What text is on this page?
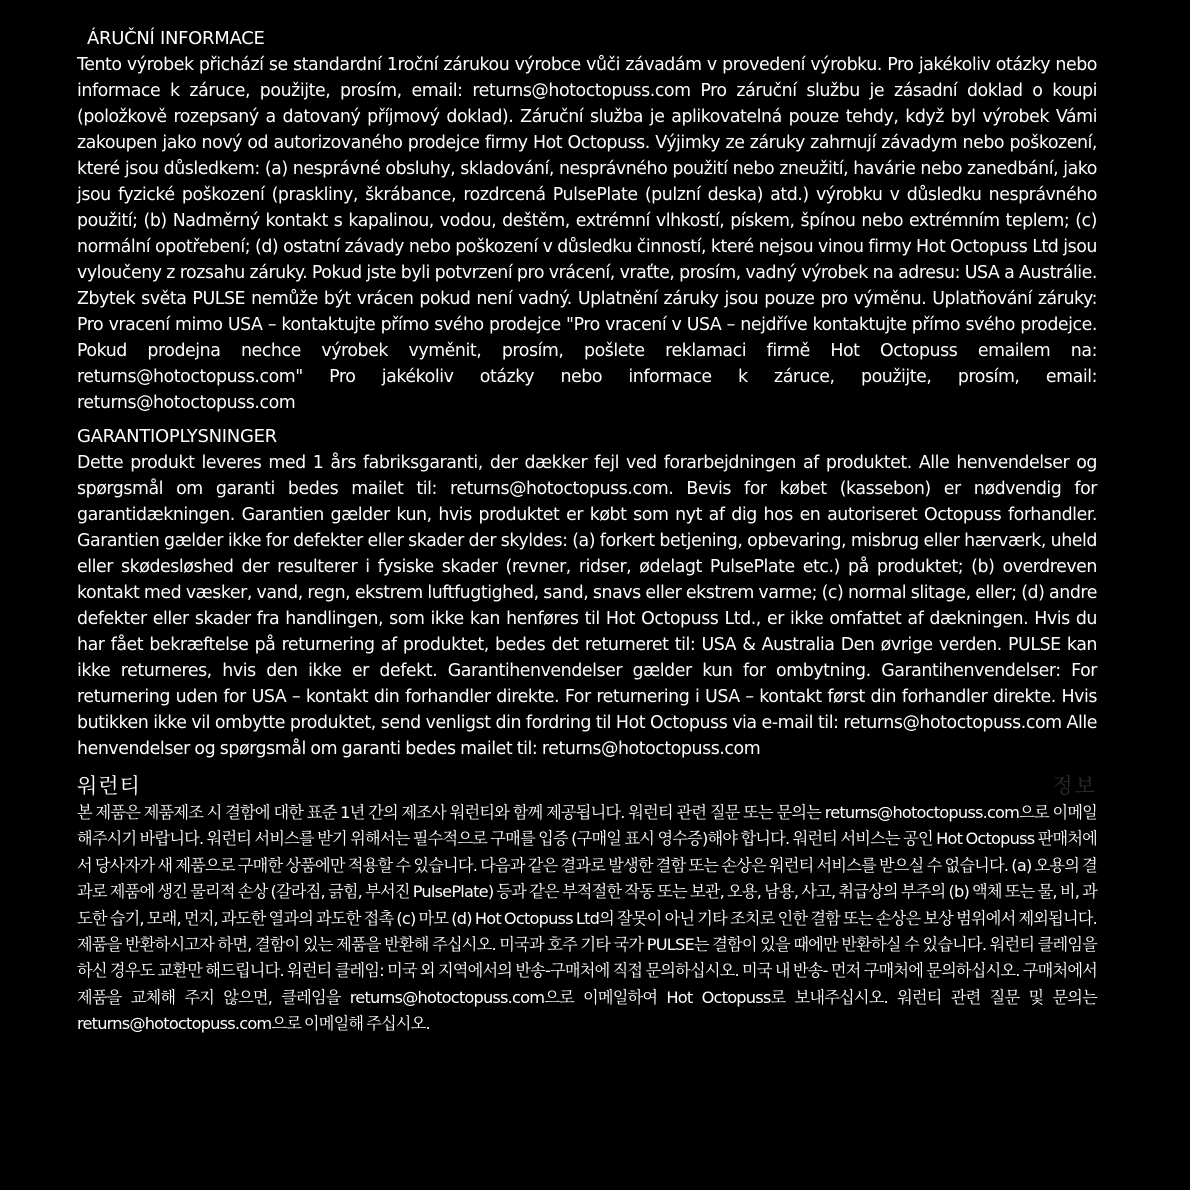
ÁRUČNÍ INFORMACE

Tento výrobek přichází se standardní 1roční zárukou výrobce vůči závadám v provedení výrobku. Pro jakékoliv otázky nebo informace k záruce, použijte, prosím, email: returns@hotoctopuss.com Pro záruční službu je zásadní doklad o koupi (položkově rozepsaný a datovaný příjmový doklad). Záruční služba je aplikovatelná pouze tehdy, když byl výrobek Vámi zakoupen jako nový od autorizovaného prodejce firmy Hot Octopuss. Výjimky ze záruky zahrnují závadym nebo poškození, které jsou důsledkem: (a) nesprávné obsluhy, skladování, nesprávného použití nebo zneužití, havárie nebo zanedbání, jako jsou fyzické poškození (praskliny, škrábance, rozdrcená PulsePlate (pulzní deska) atd.) výrobku v důsledku nesprávného použití; (b) Nadměrný kontakt s kapalinou, vodou, deštěm, extrémní vlhkostí, pískem, špínou nebo extrémním teplem; (c) normální opotřebení; (d) ostatní závady nebo poškození v důsledku činností, které nejsou vinou firmy Hot Octopuss Ltd jsou vyloučeny z rozsahu záruky. Pokud jste byli potvrzení pro vrácení, vraťte, prosím, vadný výrobek na adresu: USA a Austrálie. Zbytek světa PULSE nemůže být vrácen pokud není vadný. Uplatnění záruky jsou pouze pro výměnu. Uplatňování záruky: Pro vracení mimo USA – kontaktujte přímo svého prodejce "Pro vracení v USA – nejdříve kontaktujte přímo svého prodejce. Pokud prodejna nechce výrobek vyměnit, prosím, pošlete reklamaci firmě Hot Octopuss emailem na: returns@hotoctopuss.com" Pro jakékoliv otázky nebo informace k záruce, použijte, prosím, email: returns@hotoctopuss.com

GARANTIOPLYSNINGER

Dette produkt leveres med 1 års fabriksgaranti, der dækker fejl ved forarbejdningen af produktet. Alle henvendelser og spørgsmål om garanti bedes mailet til: returns@hotoctopuss.com. Bevis for købet (kassebon) er nødvendig for garantidækningen. Garantien gælder kun, hvis produktet er købt som nyt af dig hos en autoriseret Octopuss forhandler. Garantien gælder ikke for defekter eller skader der skyldes: (a) forkert betjening, opbevaring, misbrug eller hærværk, uheld eller skødesløshed der resulterer i fysiske skader (revner, ridser, ødelagt PulsePlate etc.) på produktet; (b) overdreven kontakt med væsker, vand, regn, ekstrem luftfugtighed, sand, snavs eller ekstrem varme; (c) normal slitage, eller; (d) andre defekter eller skader fra handlingen, som ikke kan henføres til Hot Octopuss Ltd., er ikke omfattet af dækningen. Hvis du har fået bekræftelse på returnering af produktet, bedes det returneret til: USA & Australia Den øvrige verden. PULSE kan ikke returneres, hvis den ikke er defekt. Garantihenvendelser gælder kun for ombytning. Garantihenvendelser: For returnering uden for USA – kontakt din forhandler direkte. For returnering i USA – kontakt først din forhandler direkte. Hvis butikken ikke vil ombytte produktet, send venligst din fordring til Hot Octopuss via e-mail til: returns@hotoctopuss.com Alle henvendelser og spørgsmål om garanti bedes mailet til: returns@hotoctopuss.com

정보

워런티

본 제품은 제품제조 시 결함에 대한 표준 1년 간의 제조사 워런티와 함께 제공됩니다. 워런티 관련 질문 또는 문의는 returns@hotoctopuss.com으로 이메일 해주시기 바랍니다. 워런티 서비스를 받기 위해서는 필수적으로 구매를 입증 (구매일 표시 영수증)해야 합니다. 워런티 서비스는 공인 Hot Octopuss 판매처에서 당사자가 새 제품으로 구매한 상품에만 적용할 수 있습니다. 다음과 같은 결과로 발생한 결함 또는 손상은 워런티 서비스를 받으실 수 없습니다. (a) 오용의 결과로 제품에 생긴 물리적 손상 (갈라짐, 긁힘, 부서진 PulsePlate) 등과 같은 부적절한 작동 또는 보관, 오용, 남용, 사고, 취급상의 부주의 (b) 액체 또는 물, 비, 과도한 습기, 모래, 먼지, 과도한 열과의 과도한 접촉 (c) 마모 (d) Hot Octopuss Ltd의 잘못이 아닌 기타 조치로 인한 결함 또는 손상은 보상 범위에서 제외됩니다. 제품을 반환하시고자 하면, 결함이 있는 제품을 반환해 주십시오. 미국과 호주 기타 국가 PULSE는 결함이 있을 때에만 반환하실 수 있습니다. 워런티 클레임을 하신 경우도 교환만 해드립니다. 워런티 클레임: 미국 외 지역에서의 반송-구매처에 직접 문의하십시오. 미국 내 반송- 먼저 구매처에 문의하십시오. 구매처에서 제품을 교체해 주지 않으면, 클레임을 returns@hotoctopuss.com으로 이메일하여 Hot Octopuss로 보내주십시오. 워런티 관련 질문 및 문의는 returns@hotoctopuss.com으로 이메일해 주십시오.
